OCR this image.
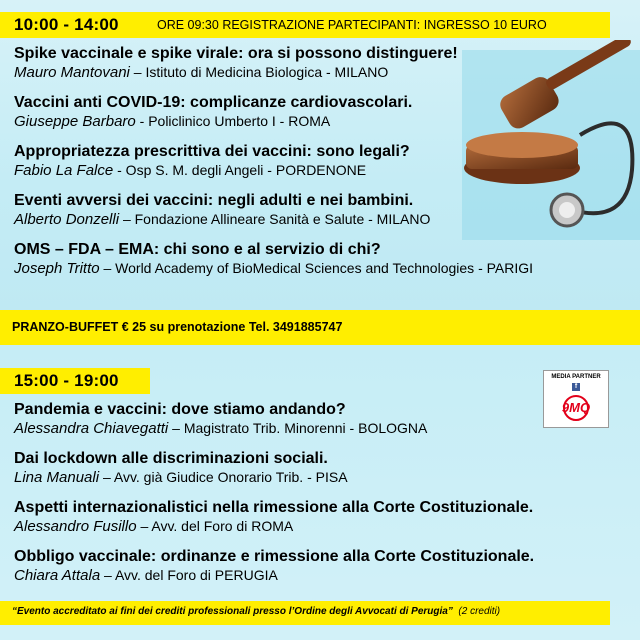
10:00 - 14:00	ORE 09:30 REGISTRAZIONE PARTECIPANTI: INGRESSO 10 EURO
Spike vaccinale e spike virale: ora si possono distinguere!
Mauro Mantovani – Istituto di Medicina Biologica - MILANO
Vaccini anti COVID-19: complicanze cardiovascolari.
Giuseppe Barbaro - Policlinico Umberto I - ROMA
Appropriatezza prescrittiva dei vaccini: sono legali?
Fabio La Falce - Osp S. M. degli Angeli - PORDENONE
Eventi avversi dei vaccini: negli adulti e nei bambini.
Alberto Donzelli – Fondazione Allineare Sanità e Salute - MILANO
OMS – FDA – EMA: chi sono e al servizio di chi?
Joseph Tritto – World Academy of BioMedical Sciences and Technologies - PARIGI
PRANZO-BUFFET € 25 su prenotazione Tel. 3491885747
15:00 - 19:00	MEDIA PARTNER
f
9MQ
Pandemia e vaccini: dove stiamo andando?
Alessandra Chiavegatti – Magistrato Trib. Minorenni - BOLOGNA
Dai lockdown alle discriminazioni sociali.
Lina Manuali – Avv. già Giudice Onorario Trib. - PISA
Aspetti internazionalistici nella rimessione alla Corte Costituzionale.
Alessandro Fusillo – Avv. del Foro di ROMA
Obbligo vaccinale: ordinanze e rimessione alla Corte Costituzionale.
Chiara Attala – Avv. del Foro di PERUGIA
“Evento accreditato ai fini dei crediti professionali presso l’Ordine degli Avvocati di Perugia” (2 crediti)
